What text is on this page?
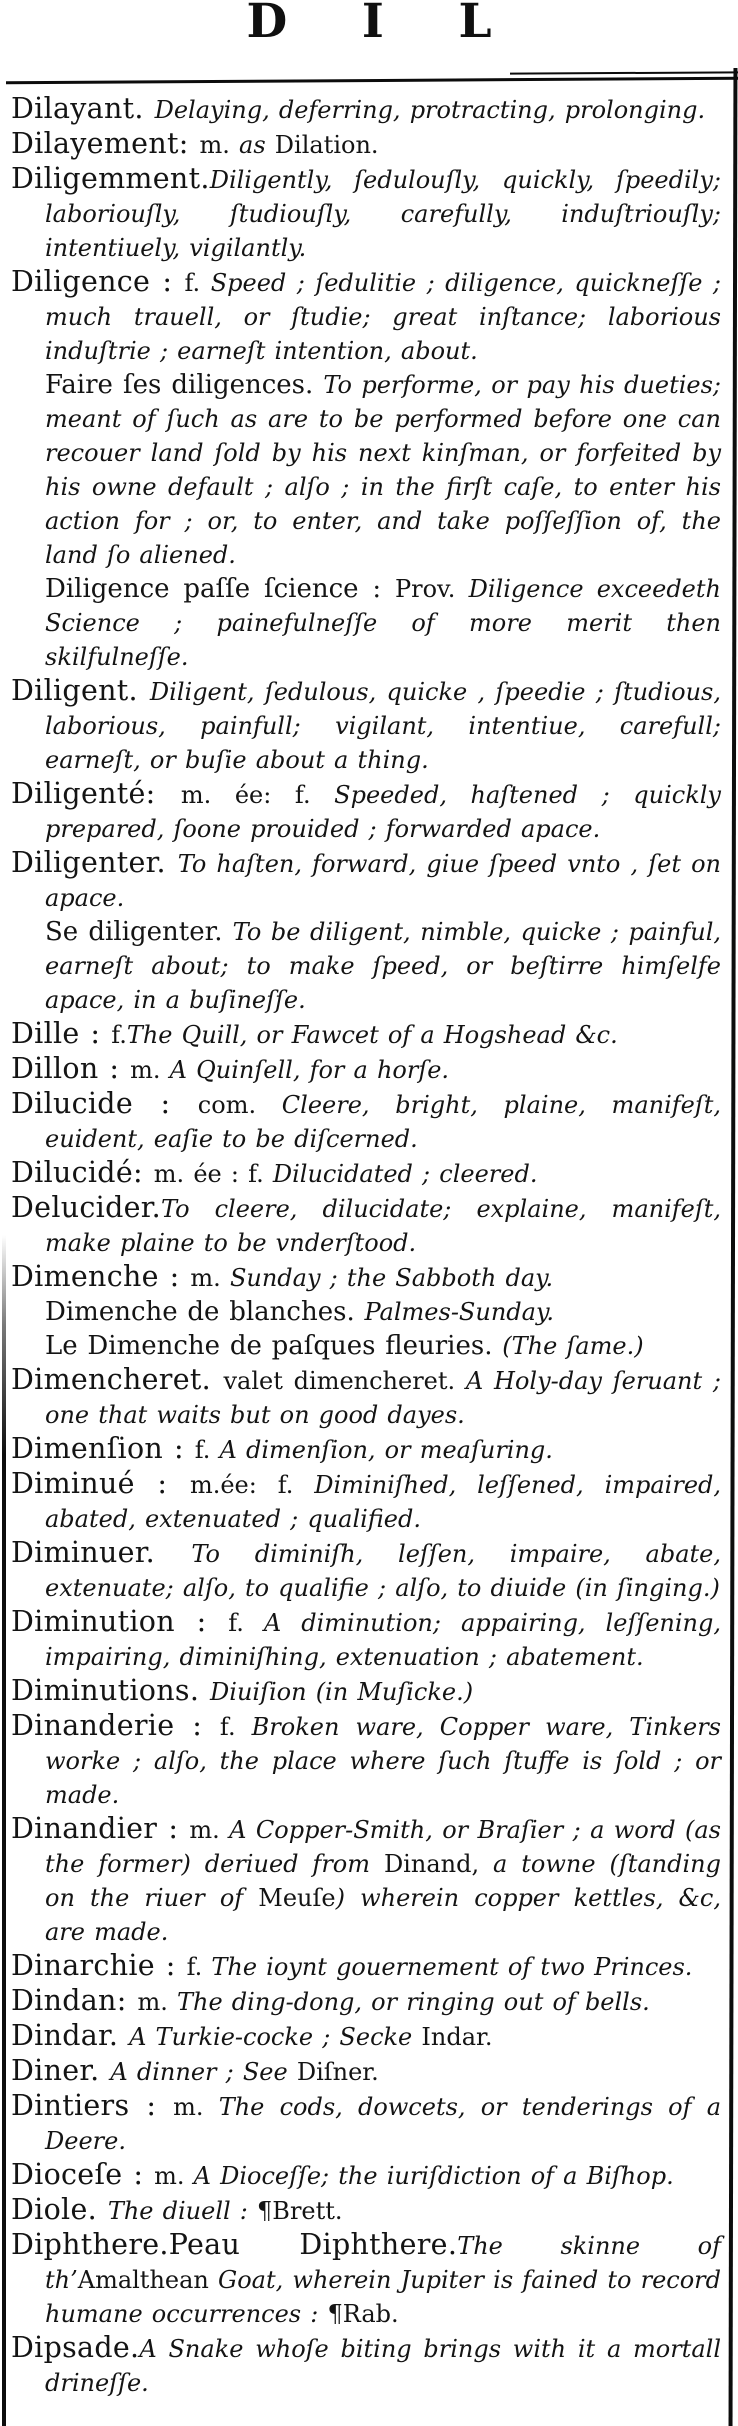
D I L

Dilayant. Delaying, deferring, protracting, prolonging.

Dilayement: m. as Dilation.

Diligemment.Diligently, ſedulouſly, quickly, ſpeedily; laboriouſly, ſtudiouſly, carefully, induſtriouſly; intentiuely, vigilantly.

Diligence : f. Speed ; ſedulitie ; diligence, quickneſſe ; much trauell, or ſtudie; great inſtance; laborious induſtrie ; earneſt intention, about.

Faire ſes diligences. To performe, or pay his dueties; meant of ſuch as are to be performed before one can recouer land ſold by his next kinſman, or forfeited by his owne default ; alſo ; in the firſt caſe, to enter his action for ; or, to enter, and take poſſeſſion of, the land ſo aliened.

Diligence paſſe ſcience : Prov. Diligence exceedeth Science ; painefulneſſe of more merit then skilfulneſſe.

Diligent. Diligent, ſedulous, quicke , ſpeedie ; ſtudious, laborious, painfull; vigilant, intentiue, carefull; earneſt, or buſie about a thing.

Diligenté: m. ée: f. Speeded, haſtened ; quickly prepared, ſoone prouided ; forwarded apace.

Diligenter. To haſten, forward, giue ſpeed vnto , ſet on apace.

Se diligenter. To be diligent, nimble, quicke ; painful, earneſt about; to make ſpeed, or beſtirre himſelfe apace, in a buſineſſe.

Dille : f.The Quill, or Fawcet of a Hogshead &c.

Dillon : m. A Quinſell, for a horſe.

Dilucide : com. Cleere, bright, plaine, manifeſt, euident, eaſie to be diſcerned.

Dilucidé: m. ée : f. Dilucidated ; cleered.

Delucider.To cleere, dilucidate; explaine, manifeſt, make plaine to be vnderſtood.

Dimenche : m. Sunday ; the Sabboth day.

Dimenche de blanches. Palmes-Sunday.

Le Dimenche de paſques fleuries. (The ſame.)

Dimencheret. valet dimencheret. A Holy-day ſeruant ; one that waits but on good dayes.

Dimenſion : f. A dimenſion, or meaſuring.

Diminué : m.ée: f. Diminiſhed, leſſened, impaired, abated, extenuated ; qualified.

Diminuer. To diminiſh, leſſen, impaire, abate, extenuate; alſo, to qualifie ; alſo, to diuide (in ſinging.)

Diminution : f. A diminution; appairing, leſſening, impairing, diminiſhing, extenuation ; abatement.

Diminutions. Diuiſion (in Muſicke.)

Dinanderie : f. Broken ware, Copper ware, Tinkers worke ; alſo, the place where ſuch ſtuffe is ſold ; or made.

Dinandier : m. A Copper-Smith, or Braſier ; a word (as the former) deriued from Dinand, a towne (ſtanding on the riuer of Meuſe) wherein copper kettles, &c, are made.

Dinarchie : f. The ioynt gouernement of two Princes.

Dindan: m. The ding-dong, or ringing out of bells.

Dindar. A Turkie-cocke ; Secke Indar.

Diner. A dinner ; See Diſner.

Dintiers : m. The cods, dowcets, or tenderings of a Deere.

Dioceſe : m. A Dioceſſe; the iuriſdiction of a Biſhop.

Diole. The diuell : ¶Brett.

Diphthere.Peau Diphthere.The skinne of th’Amalthean Goat, wherein Jupiter is fained to record humane occurrences : ¶Rab.

Dipsade.A Snake whoſe biting brings with it a mortall drineſſe.
